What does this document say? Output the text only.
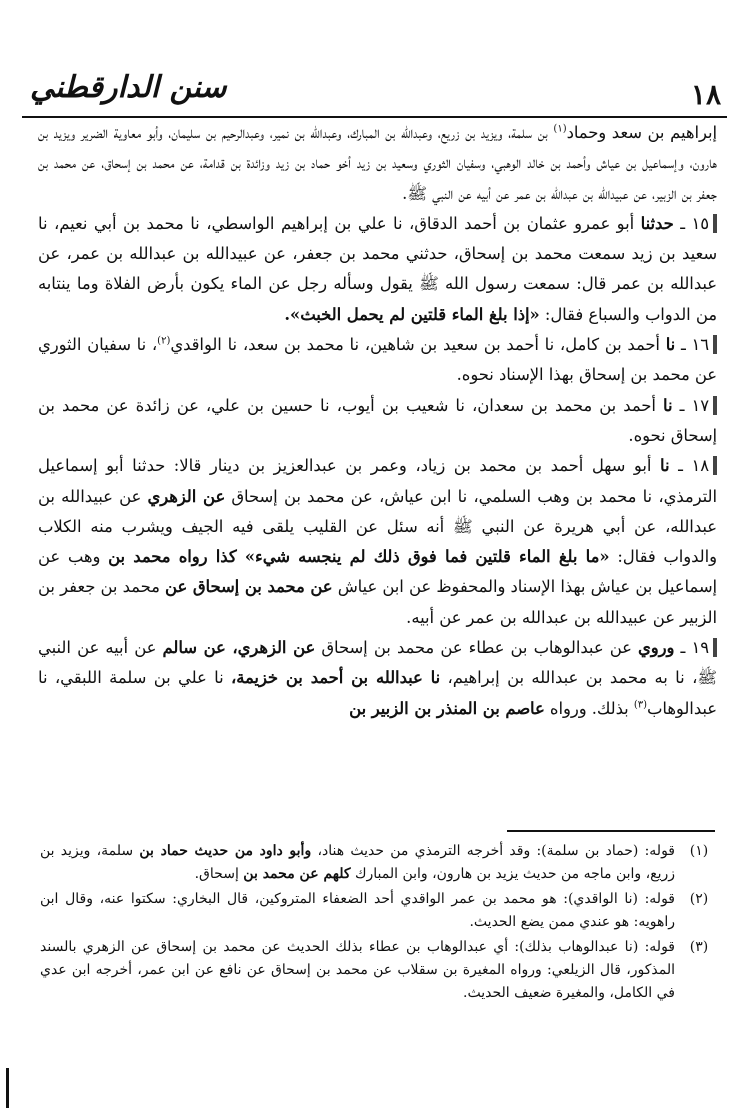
١٨
سنن الدارقطني

إبراهيم بن سعد وحماد$^{(١)}$ بن سلمة، ويزيد بن زريع، وعبدالله بن المبارك، وعبدالله بن نمير، وعبدالرحيم بن سليمان، وأبو معاوية الضرير ويزيد بن هارون، وإسماعيل بن عياش وأحمد بن خالد الوهبي، وسفيان الثوري وسعيد بن زيد أخو حماد بن زيد وزائدة بن قدامة، عن محمد بن إسحاق، عن محمد بن جعفر بن الزبير، عن عبيدالله بن عبدالله بن عمر عن أبيه عن النبي ﷺ.

١٥ ـ حدثنا أبو عمرو عثمان بن أحمد الدقاق، نا علي بن إبراهيم الواسطي، نا محمد بن أبي نعيم، نا سعيد بن زيد سمعت محمد بن إسحاق، حدثني محمد بن جعفر، عن عبيدالله بن عبدالله بن عمر، عن عبدالله بن عمر قال: سمعت رسول الله ﷺ يقول وسأله رجل عن الماء يكون بأرض الفلاة وما ينتابه من الدواب والسباع فقال: «إذا بلغ الماء قلتين لم يحمل الخبث».

١٦ ـ نا أحمد بن كامل، نا أحمد بن سعيد بن شاهين، نا محمد بن سعد، نا الواقدي$^{(٢)}$، نا سفيان الثوري عن محمد بن إسحاق بهذا الإسناد نحوه.

١٧ ـ نا أحمد بن محمد بن سعدان، نا شعيب بن أيوب، نا حسين بن علي، عن زائدة عن محمد بن إسحاق نحوه.

١٨ ـ نا أبو سهل أحمد بن محمد بن زياد، وعمر بن عبدالعزيز بن دينار قالا: حدثنا أبو إسماعيل الترمذي، نا محمد بن وهب السلمي، نا ابن عياش، عن محمد بن إسحاق عن الزهري عن عبيدالله بن عبدالله، عن أبي هريرة عن النبي ﷺ أنه سئل عن القليب يلقى فيه الجيف ويشرب منه الكلاب والدواب فقال: «ما بلغ الماء قلتين فما فوق ذلك لم ينجسه شيء» كذا رواه محمد بن وهب عن إسماعيل بن عياش بهذا الإسناد والمحفوظ عن ابن عياش عن محمد بن إسحاق عن محمد بن جعفر بن الزبير عن عبيدالله بن عبدالله بن عمر عن أبيه.

١٩ ـ وروي عن عبدالوهاب بن عطاء عن محمد بن إسحاق عن الزهري، عن سالم عن أبيه عن النبي ﷺ، نا به محمد بن عبدالله بن إبراهيم، نا عبدالله بن أحمد بن خزيمة، نا علي بن سلمة اللبقي، نا عبدالوهاب$^{(٣)}$ بذلك. ورواه عاصم بن المنذر بن الزبير بن

(١)
قوله: (حماد بن سلمة): وقد أخرجه الترمذي من حديث هناد، وأبو داود من حديث حماد بن سلمة، ويزيد بن زريع، وابن ماجه من حديث يزيد بن هارون، وابن المبارك كلهم عن محمد بن إسحاق.
(٢)
قوله: (نا الواقدي): هو محمد بن عمر الواقدي أحد الضعفاء المتروكين، قال البخاري: سكتوا عنه، وقال ابن راهويه: هو عندي ممن يضع الحديث.
(٣)
قوله: (نا عبدالوهاب بذلك): أي عبدالوهاب بن عطاء بذلك الحديث عن محمد بن إسحاق عن الزهري بالسند المذكور، قال الزيلعي: ورواه المغيرة بن سقلاب عن محمد بن إسحاق عن نافع عن ابن عمر، أخرجه ابن عدي في الكامل، والمغيرة ضعيف الحديث.
